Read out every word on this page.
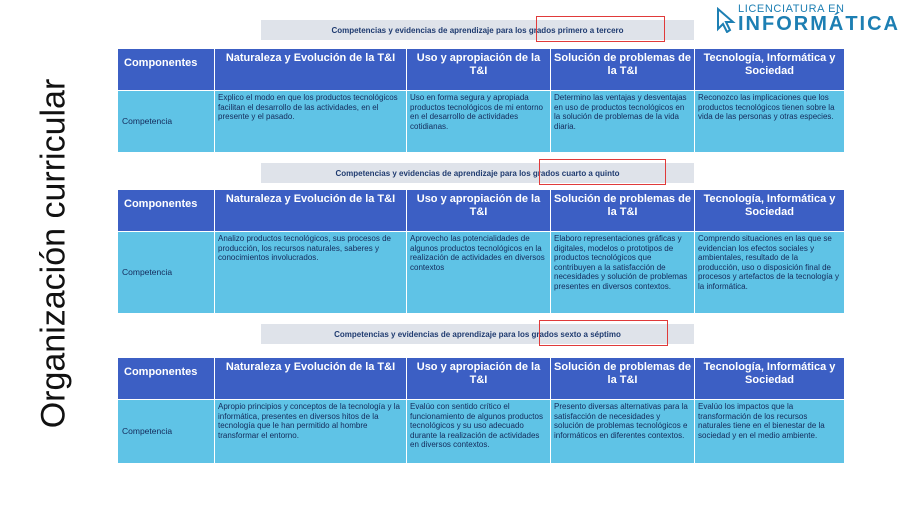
Organización curricular
LICENCIATURA EN
INFORMÁTICA
Competencias y evidencias de aprendizaje para los grados primero a tercero
Componentes	Naturaleza y Evolución de la T&I	Uso y apropiación de la T&I	Solución de problemas de la T&I	Tecnología, Informática y Sociedad
Competencia	Explico el modo en que los productos tecnológicos facilitan el desarrollo de las actividades, en el presente y el pasado.	Uso en forma segura y apropiada productos tecnológicos de mi entorno en el desarrollo de actividades cotidianas.	Determino las ventajas y desventajas en uso de productos tecnológicos en la solución de problemas de la vida diaria.	Reconozco las implicaciones que los productos tecnológicos tienen sobre la vida de las personas y otras especies.
Competencias y evidencias de aprendizaje para los grados cuarto a quinto
Componentes	Naturaleza y Evolución de la T&I	Uso y apropiación de la T&I	Solución de problemas de la T&I	Tecnología, Informática y Sociedad
Competencia	Analizo productos tecnológicos, sus procesos de producción, los recursos naturales, saberes y conocimientos involucrados.	Aprovecho las potencialidades de algunos productos tecnológicos en la realización de actividades en diversos contextos	Elaboro representaciones gráficas y digitales, modelos o prototipos de productos tecnológicos que contribuyen a la satisfacción de necesidades y solución de problemas presentes en diversos contextos.	Comprendo situaciones en las que se evidencian los efectos sociales y ambientales, resultado de la producción, uso o disposición final de procesos y artefactos de la tecnología y la informática.
Competencias y evidencias de aprendizaje para los grados sexto a séptimo
Componentes	Naturaleza y Evolución de la T&I	Uso y apropiación de la T&I	Solución de problemas de la T&I	Tecnología, Informática y Sociedad
Competencia	Apropio principios y conceptos de la tecnología y la informática, presentes en diversos hitos de la tecnología que le han permitido al hombre transformar el entorno.	Evalúo con sentido crítico el funcionamiento de algunos productos tecnológicos y su uso adecuado durante la realización de actividades en diversos contextos.	Presento diversas alternativas para la satisfacción de necesidades y solución de problemas tecnológicos e informáticos en diferentes contextos.	Evalúo los impactos que la transformación de los recursos naturales tiene en el bienestar de la sociedad y en el medio ambiente.
